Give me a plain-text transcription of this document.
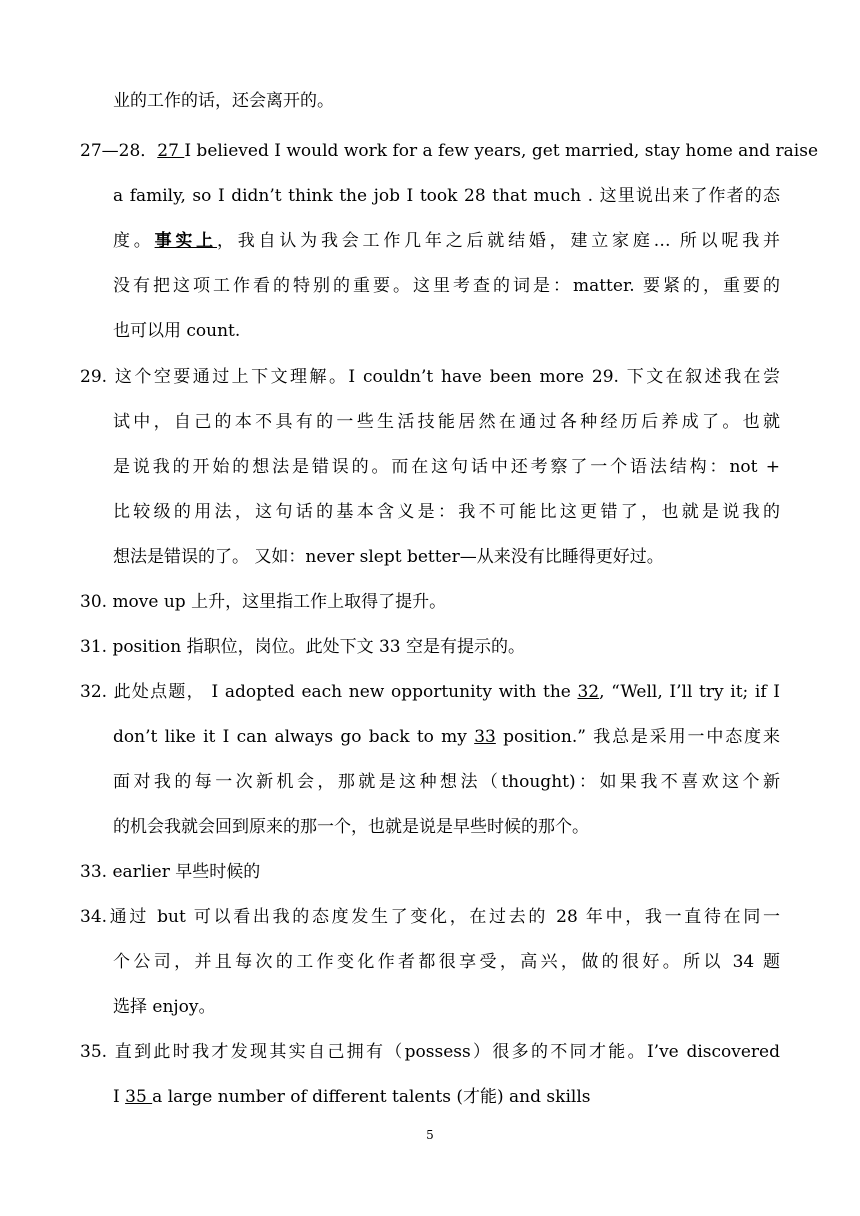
业的工作的话，还会离开的。
27—28．27 I believed I would work for a few years, get married, stay home and raise
a family, so I didn’t think the job I took 28 that much . 这里说出来了作者的态
度。事实上，我自认为我会工作几年之后就结婚，建立家庭… 所以呢我并
没有把这项工作看的特别的重要。这里考查的词是：matter. 要紧的，重要的
也可以用 count.
29. 这个空要通过上下文理解。I couldn’t have been more 29. 下文在叙述我在尝
试中，自己的本不具有的一些生活技能居然在通过各种经历后养成了。也就
是说我的开始的想法是错误的。而在这句话中还考察了一个语法结构：not +
比较级的用法，这句话的基本含义是：我不可能比这更错了，也就是说我的
想法是错误的了。 又如：never slept better—从来没有比睡得更好过。
30. move up 上升，这里指工作上取得了提升。
31. position 指职位，岗位。此处下文 33 空是有提示的。
32. 此处点题， I adopted each new opportunity with the 32, “Well, I’ll try it; if I
don’t like it I can always go back to my 33 position.” 我总是采用一中态度来
面对我的每一次新机会，那就是这种想法（thought)：如果我不喜欢这个新
的机会我就会回到原来的那一个，也就是说是早些时候的那个。
33. earlier 早些时候的
34.通过 but 可以看出我的态度发生了变化，在过去的 28 年中，我一直待在同一
个公司，并且每次的工作变化作者都很享受，高兴，做的很好。所以 34 题
选择 enjoy。
35. 直到此时我才发现其实自己拥有（possess）很多的不同才能。I’ve discovered
I 35 a large number of different talents (才能) and skills
5
